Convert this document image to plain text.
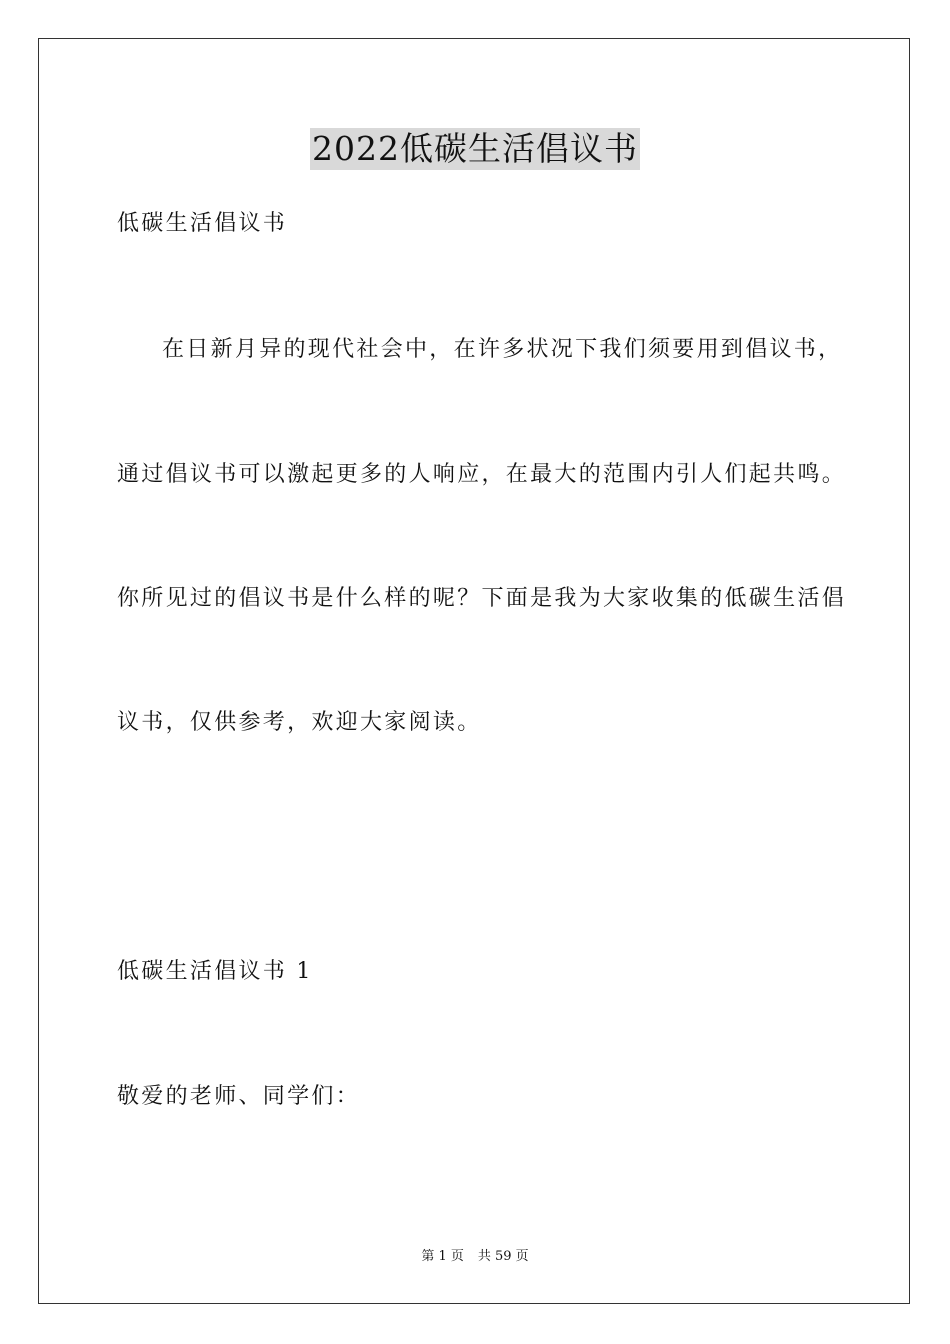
2022低碳生活倡议书
低碳生活倡议书
在日新月异的现代社会中，在许多状况下我们须要用到倡议书，
通过倡议书可以激起更多的人响应，在最大的范围内引人们起共鸣。
你所见过的倡议书是什么样的呢？下面是我为大家收集的低碳生活倡
议书，仅供参考，欢迎大家阅读。
低碳生活倡议书 1
敬爱的老师、同学们：
第 1 页 共 59 页
